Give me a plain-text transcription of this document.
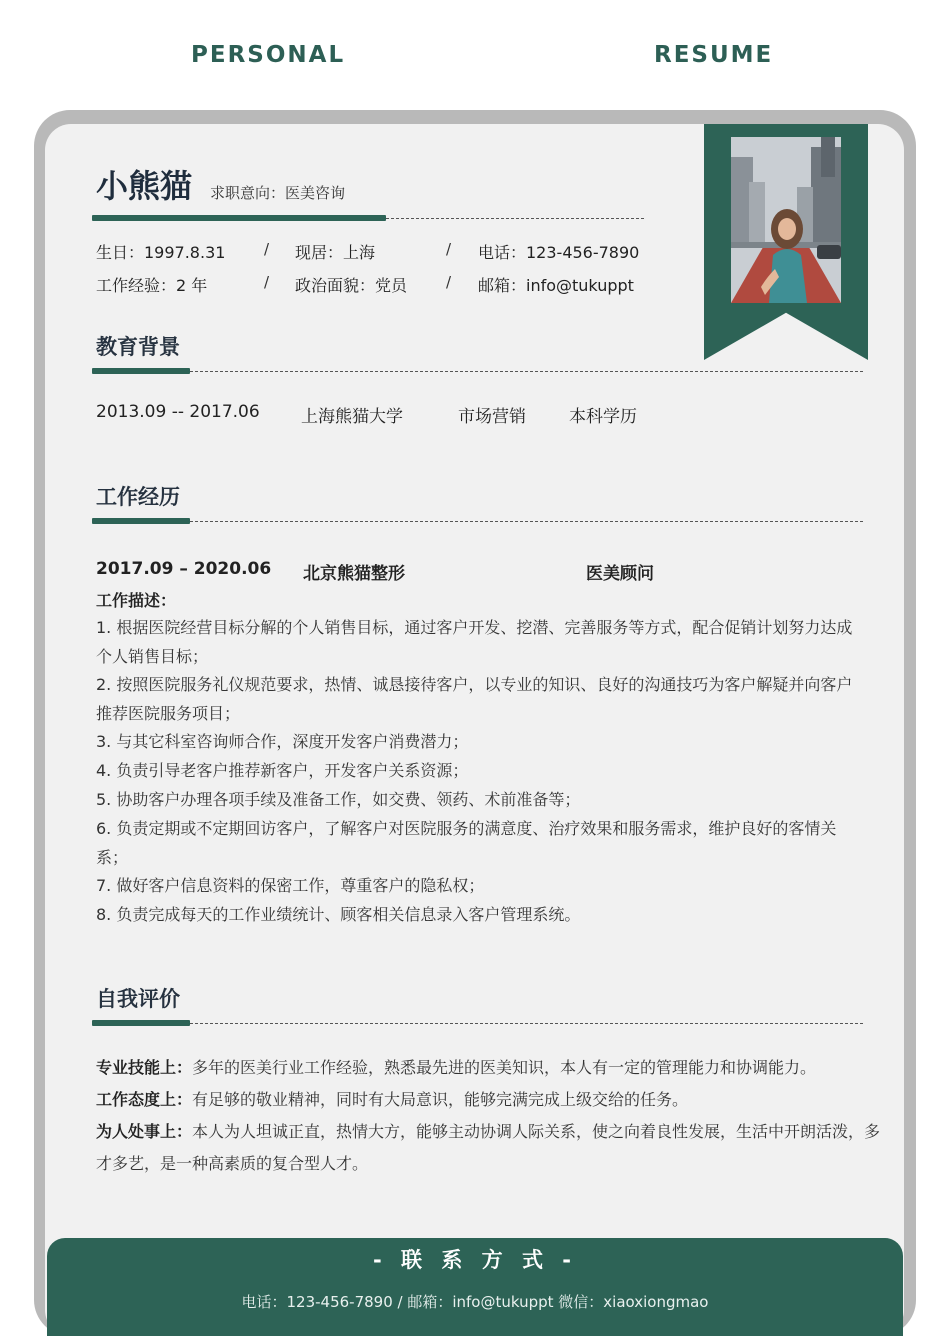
PERSONAL	RESUME
小熊猫 求职意向：医美咨询
生日：1997.8.31	/ 现居：上海	/ 电话：123-456-7890
工作经验：2 年	/ 政治面貌：党员	/ 邮箱：info@tukuppt
教育背景
2013.09 -- 2017.06 上海熊猫大学	市场营销	本科学历
工作经历
2017.09 – 2020.06 北京熊猫整形	医美顾问
工作描述：
1. 根据医院经营目标分解的个人销售目标，通过客户开发、挖潜、完善服务等方式，配合促销计划努力达成个人销售目标；
2. 按照医院服务礼仪规范要求，热情、诚恳接待客户，以专业的知识、良好的沟通技巧为客户解疑并向客户推荐医院服务项目；
3. 与其它科室咨询师合作，深度开发客户消费潜力；
4. 负责引导老客户推荐新客户，开发客户关系资源；
5. 协助客户办理各项手续及准备工作，如交费、领药、术前准备等；
6. 负责定期或不定期回访客户，了解客户对医院服务的满意度、治疗效果和服务需求，维护良好的客情关系；
7. 做好客户信息资料的保密工作，尊重客户的隐私权；
8. 负责完成每天的工作业绩统计、顾客相关信息录入客户管理系统。
自我评价
专业技能上：多年的医美行业工作经验，熟悉最先进的医美知识，本人有一定的管理能力和协调能力。
工作态度上：有足够的敬业精神，同时有大局意识，能够完满完成上级交给的任务。
为人处事上：本人为人坦诚正直，热情大方，能够主动协调人际关系，使之向着良性发展，生活中开朗活泼，多才多艺，是一种高素质的复合型人才。
- 联 系 方 式 -
电话：123-456-7890 / 邮箱：info@tukuppt 微信：xiaoxiongmao
